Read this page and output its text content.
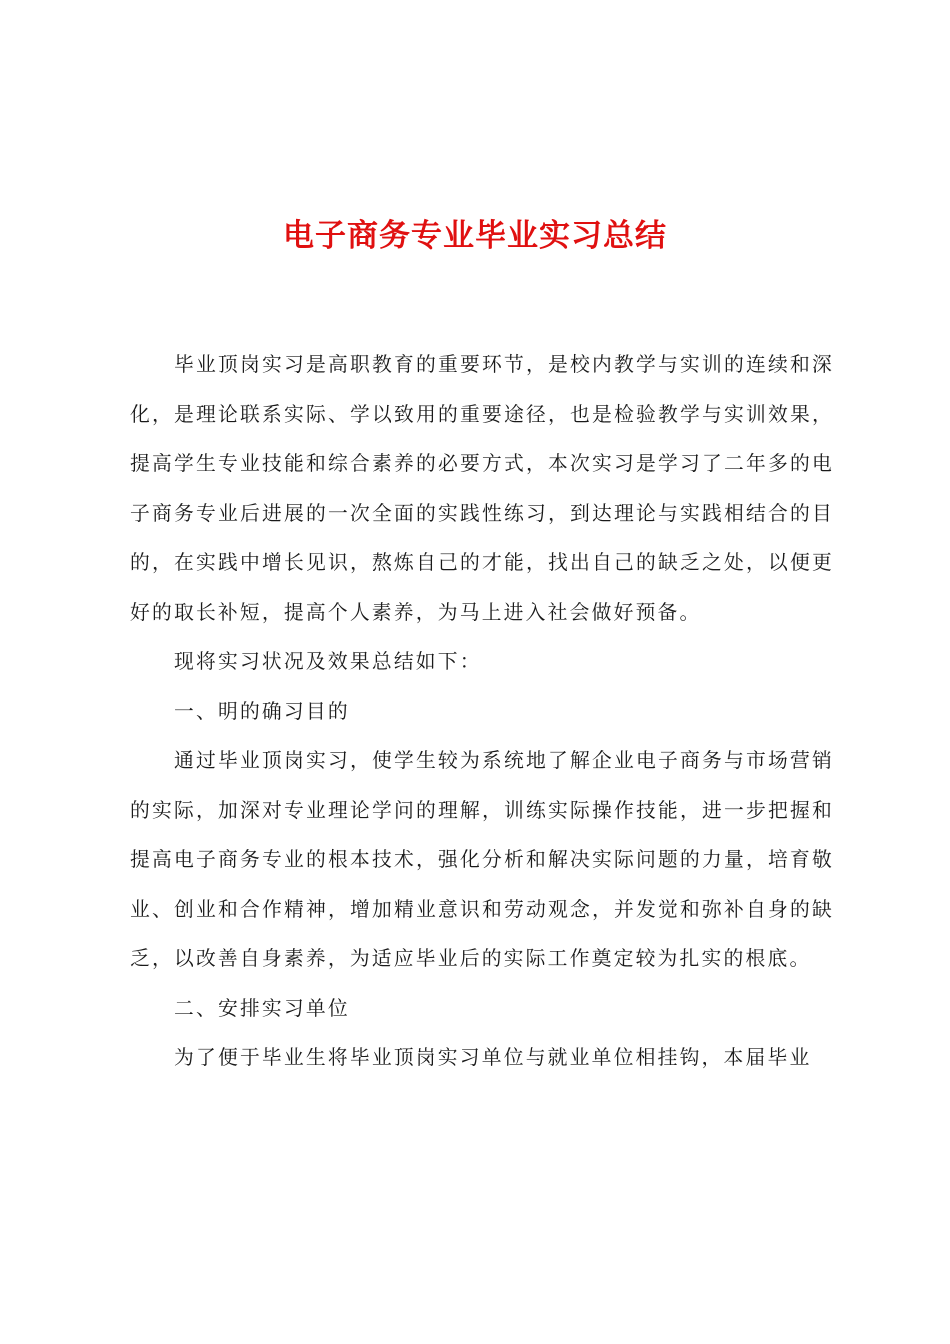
电子商务专业毕业实习总结

毕业顶岗实习是高职教育的重要环节，是校内教学与实训的连续和深化，是理论联系实际、学以致用的重要途径，也是检验教学与实训效果，提高学生专业技能和综合素养的必要方式，本次实习是学习了二年多的电子商务专业后进展的一次全面的实践性练习，到达理论与实践相结合的目的，在实践中增长见识，熬炼自己的才能，找出自己的缺乏之处，以便更好的取长补短，提高个人素养，为马上进入社会做好预备。

现将实习状况及效果总结如下：

一、明的确习目的

通过毕业顶岗实习，使学生较为系统地了解企业电子商务与市场营销的实际，加深对专业理论学问的理解，训练实际操作技能，进一步把握和提高电子商务专业的根本技术，强化分析和解决实际问题的力量，培育敬业、创业和合作精神，增加精业意识和劳动观念，并发觉和弥补自身的缺乏，以改善自身素养，为适应毕业后的实际工作奠定较为扎实的根底。

二、安排实习单位

为了便于毕业生将毕业顶岗实习单位与就业单位相挂钩，本届毕业
